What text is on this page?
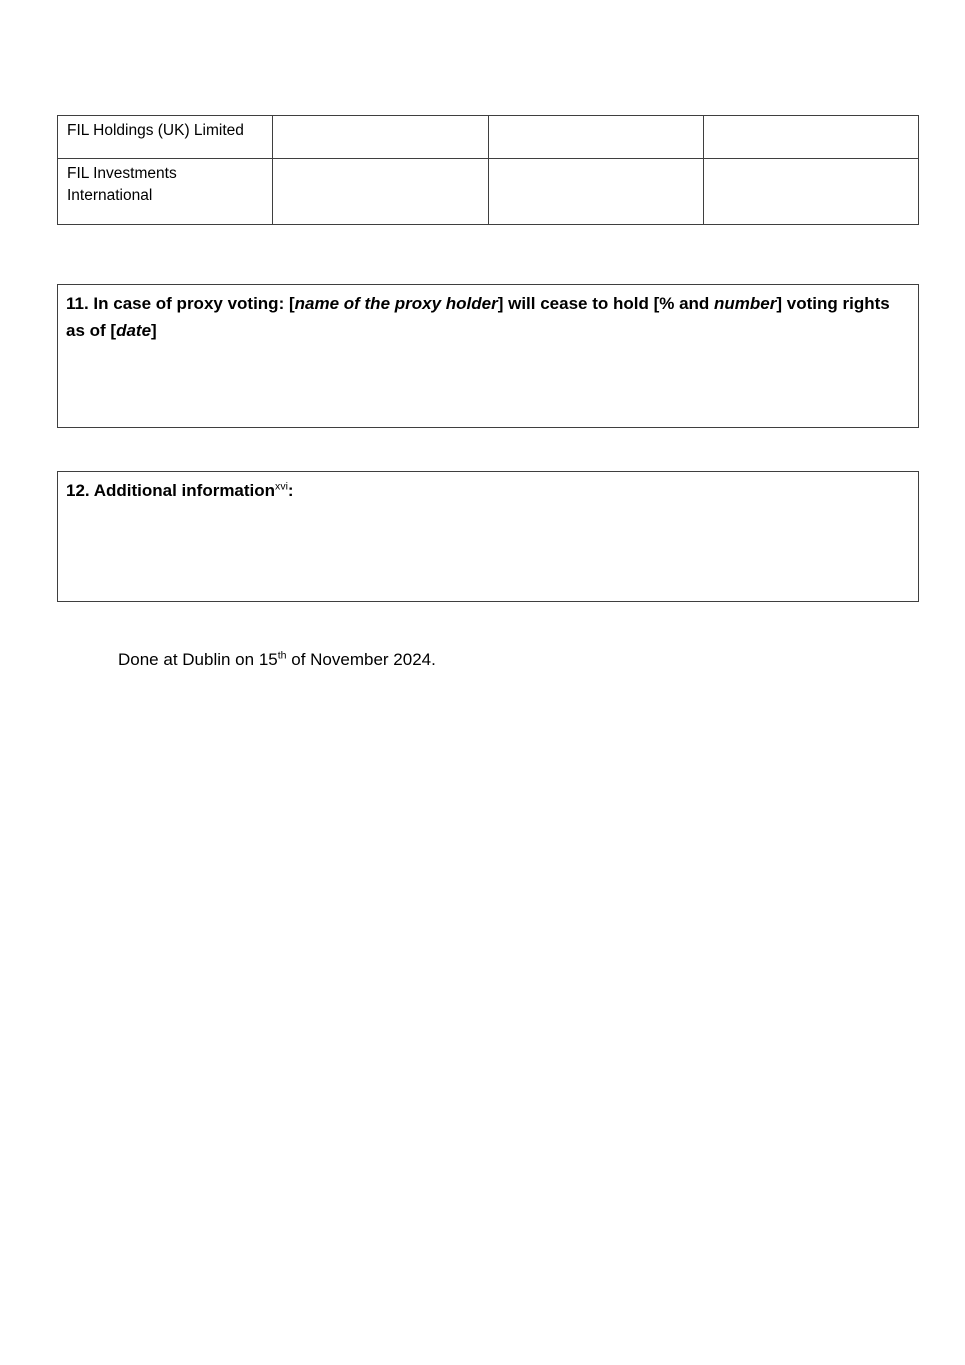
FIL Holdings (UK) Limited			
FIL Investments International			
11. In case of proxy voting: [name of the proxy holder] will cease to hold [% and number] voting rights as of [date]
12. Additional information$^{xvi}$:
Done at Dublin on 15th of November 2024.
